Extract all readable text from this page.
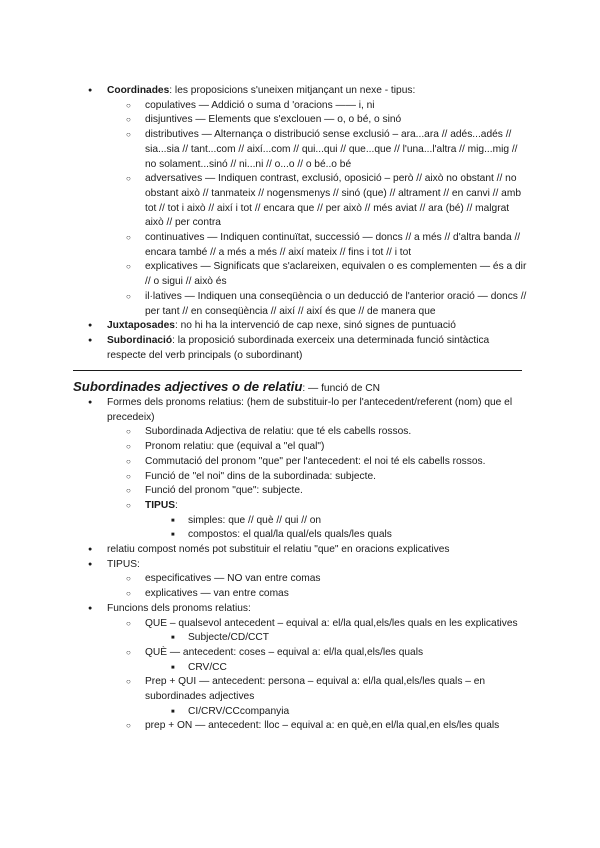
● Coordinades: les proposicions s'uneixen mitjançant un nexe - tipus:
○ copulatives — Addició o suma d 'oracions —— i, ni
○ disjuntives — Elements que s'exclouen — o, o bé, o sinó
○ distributives — Alternança o distribució sense exclusió – ara...ara // adés...adés // sia...sia // tant...com // així...com // qui...qui // que...que // l'una...l'altra // mig...mig // no solament...sinó // ni...ni // o...o // o bé..o bé
○ adversatives — Indiquen contrast, exclusió, oposició – però // això no obstant // no obstant això // tanmateix // nogensmenys // sinó (que) // altrament // en canvi // amb tot // tot i això // així i tot // encara que // per això // més aviat // ara (bé) // malgrat això // per contra
○ continuatives — Indiquen continuïtat, successió — doncs // a més // d'altra banda // encara també // a més a més // així mateix // fins i tot // i tot
○ explicatives — Significats que s'aclareixen, equivalen o es complementen — és a dir // o sigui // això és
○ il·latives — Indiquen una conseqüència o un deducció de l'anterior oració — doncs // per tant // en conseqüència // així // així és que // de manera que
● Juxtaposades: no hi ha la intervenció de cap nexe, sinó signes de puntuació
● Subordinació: la proposició subordinada exerceix una determinada funció sintàctica respecte del verb principals (o subordinant)
Subordinades adjectives o de relatiu: — funció de CN
● Formes dels pronoms relatius: (hem de substituir-lo per l'antecedent/referent (nom) que el precedeix)
○ Subordinada Adjectiva de relatiu: que té els cabells rossos.
○ Pronom relatiu: que (equival a "el qual")
○ Commutació del pronom "que" per l'antecedent: el noi té els cabells rossos.
○ Funció de "el noi" dins de la subordinada: subjecte.
○ Funció del pronom "que": subjecte.
○ TIPUS:
■ simples: que // què // qui // on
■ compostos: el qual/la qual/els quals/les quals
● relatiu compost només pot substituir el relatiu "que" en oracions explicatives
● TIPUS:
○ especificatives — NO van entre comas
○ explicatives — van entre comas
● Funcions dels pronoms relatius:
○ QUE – qualsevol antecedent – equival a: el/la qual,els/les quals en les explicatives
■ Subjecte/CD/CCT
○ QUÈ — antecedent: coses – equival a: el/la qual,els/les quals
■ CRV/CC
○ Prep + QUI — antecedent: persona – equival a: el/la qual,els/les quals – en subordinades adjectives
■ CI/CRV/CCcompanyia
○ prep + ON — antecedent: lloc – equival a: en què,en el/la qual,en els/les quals
